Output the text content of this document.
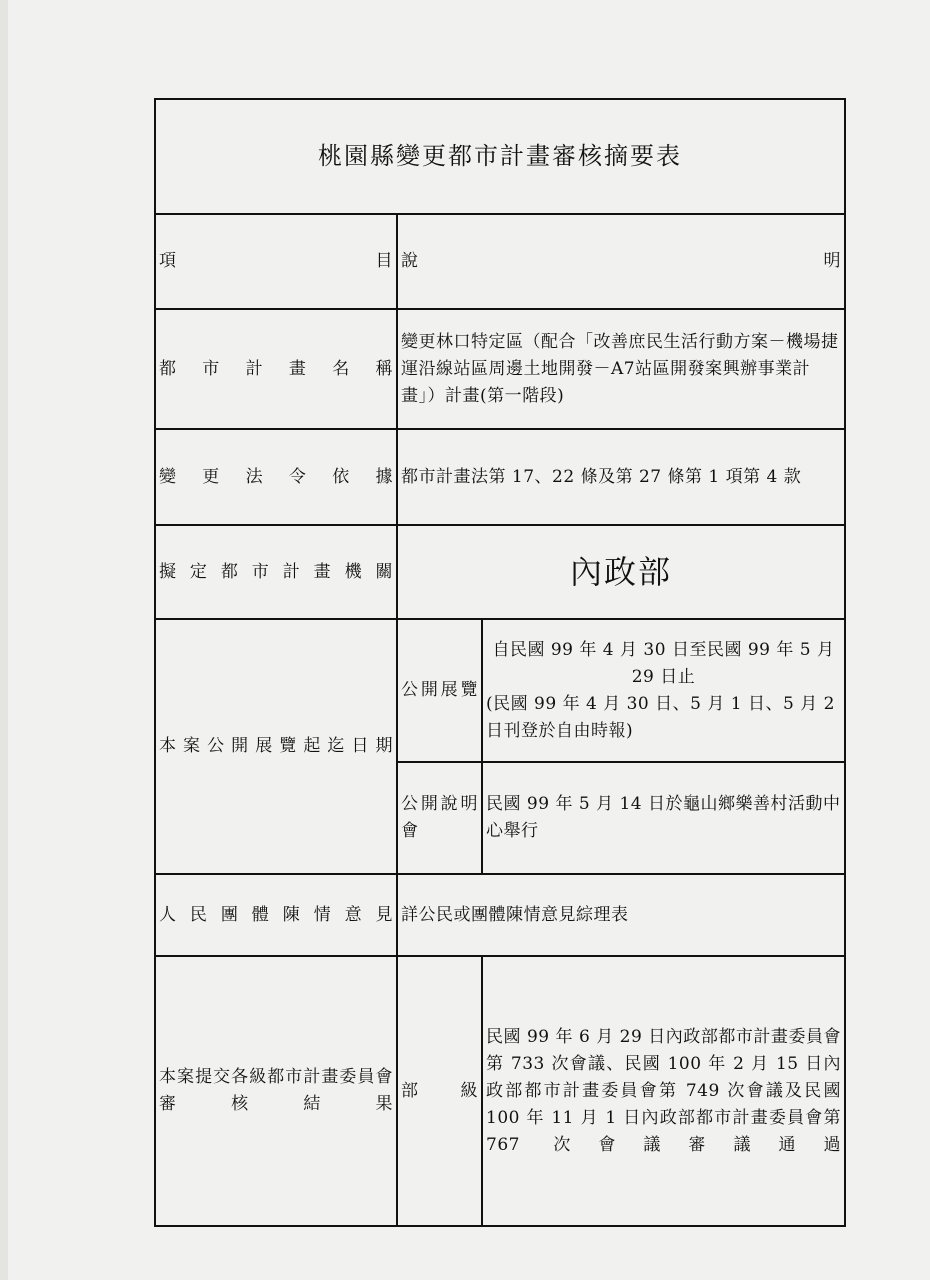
桃園縣變更都市計畫審核摘要表		

項 目	說 明	

都市計畫名稱	變更林口特定區（配合「改善庶民生活行動方案－機場捷運沿線站區周邊土地開發－A7站區開發案興辦事業計畫」）計畫(第一階段)	
變更法令依據	都市計畫法第 17、22 條及第 27 條第 1 項第 4 款	
擬定都市計畫機關	內政部	
本案公開展覽起迄日期	公開展覽	自民國 99 年 4 月 30 日至民國 99 年 5 月 29 日止
(民國 99 年 4 月 30 日、5 月 1 日、5 月 2 日刊登於自由時報)

	公開說明會	民國 99 年 5 月 14 日於龜山鄉樂善村活動中心舉行
人民團體陳情意見	詳公民或團體陳情意見綜理表	
本案提交各級都市計畫委員會審核結果	部級	民國 99 年 6 月 29 日內政部都市計畫委員會第 733 次會議、民國 100 年 2 月 15 日內政部都市計畫委員會第 749 次會議及民國 100 年 11 月 1 日內政部都市計畫委員會第 767 次會議審議通過
